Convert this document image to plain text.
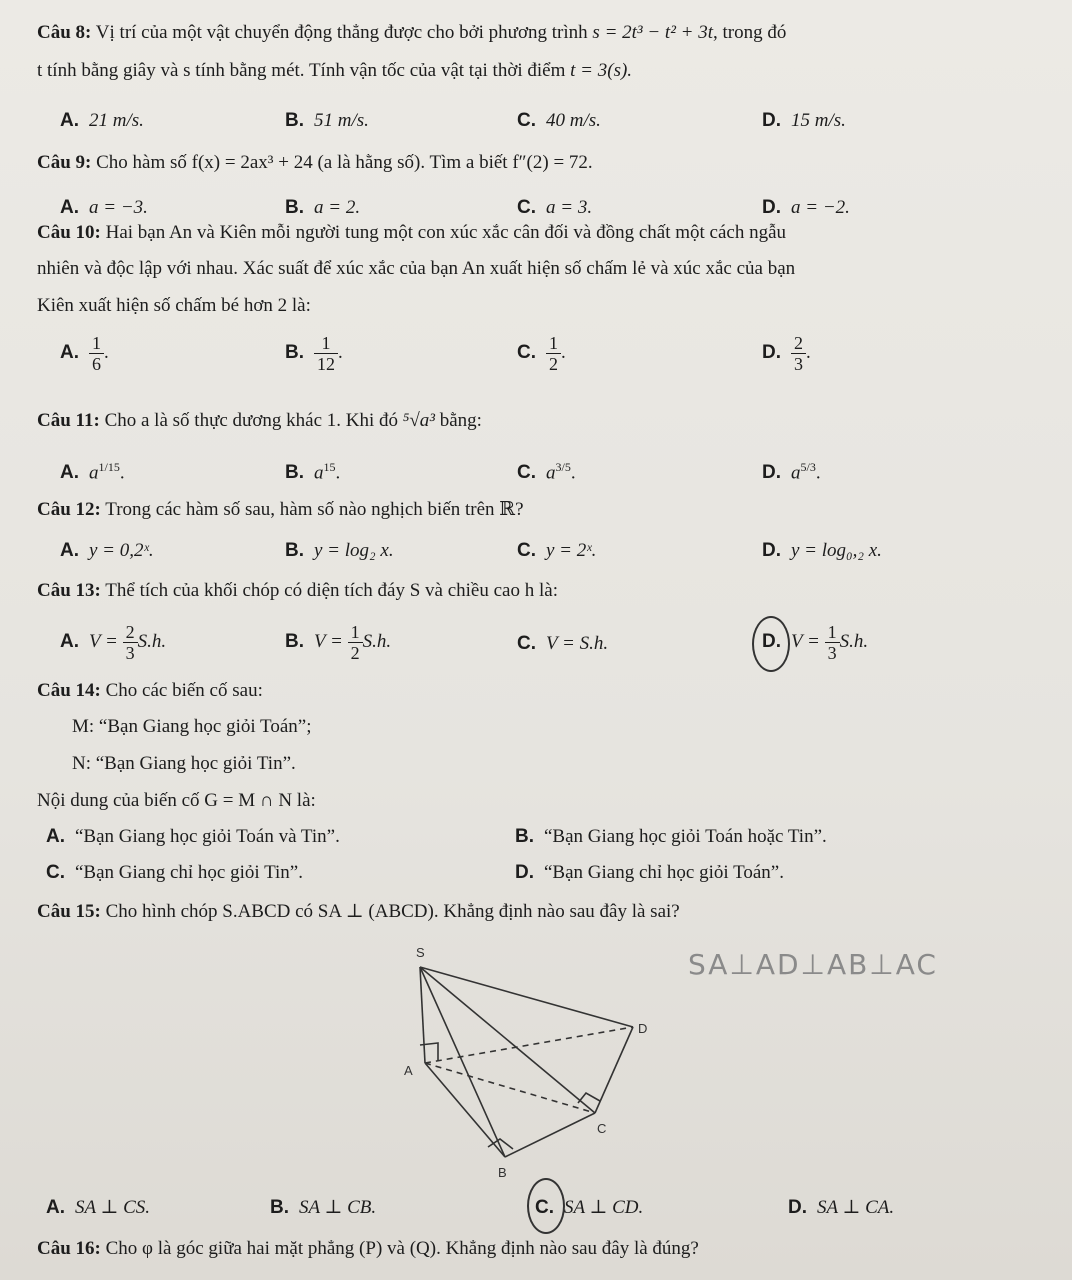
Câu 8: Vị trí của một vật chuyển động thẳng được cho bởi phương trình s = 2t³ − t² + 3t, trong đó
t tính bằng giây và s tính bằng mét. Tính vận tốc của vật tại thời điểm t = 3(s).
A. 21 m/s.	B. 51 m/s.	C. 40 m/s.	D. 15 m/s.
Câu 9: Cho hàm số f(x) = 2ax³ + 24 (a là hằng số). Tìm a biết f″(2) = 72.
A. a = −3.	B. a = 2.	C. a = 3.	D. a = −2.
Câu 10: Hai bạn An và Kiên mỗi người tung một con xúc xắc cân đối và đồng chất một cách ngẫu
nhiên và độc lập với nhau. Xác suất để xúc xắc của bạn An xuất hiện số chấm lẻ và xúc xắc của bạn
Kiên xuất hiện số chấm bé hơn 2 là:
A. $\frac{1}{6}$ .	B. $\frac{1}{12}$ .	C. $\frac{1}{2}$ .	D. $\frac{2}{3}$ .
Câu 11: Cho a là số thực dương khác 1. Khi đó ⁵√a³ bằng:
A. $a^{1/15}$.	B. $a^{15}$.	C. $a^{3/5}$.	D. $a^{5/3}$.
Câu 12: Trong các hàm số sau, hàm số nào nghịch biến trên ℝ?
A. y = 0,2ˣ.	B. y = log₂ x.	C. y = 2ˣ.	D. y = log₀,₂ x.
Câu 13: Thể tích của khối chóp có diện tích đáy S và chiều cao h là:
A. $V = \frac{2}{3} S.h$.	B. $V = \frac{1}{2} S.h$.	C. V = S.h.	D. $V = \frac{1}{3} S.h$.
Câu 14: Cho các biến cố sau:
M: “Bạn Giang học giỏi Toán”;
N: “Bạn Giang học giỏi Tin”.
Nội dung của biến cố G = M ∩ N là:
A. “Bạn Giang học giỏi Toán và Tin”.	B. “Bạn Giang học giỏi Toán hoặc Tin”.
C. “Bạn Giang chỉ học giỏi Tin”.	D. “Bạn Giang chỉ học giỏi Toán”.
Câu 15: Cho hình chóp S.ABCD có SA ⊥ (ABCD). Khẳng định nào sau đây là sai?
SA⊥AD⊥AB⊥AC
S
A
B
C
D
A. SA ⊥ CS.	B. SA ⊥ CB.	C. SA ⊥ CD.	D. SA ⊥ CA.
Câu 16: Cho φ là góc giữa hai mặt phẳng (P) và (Q). Khẳng định nào sau đây là đúng?
